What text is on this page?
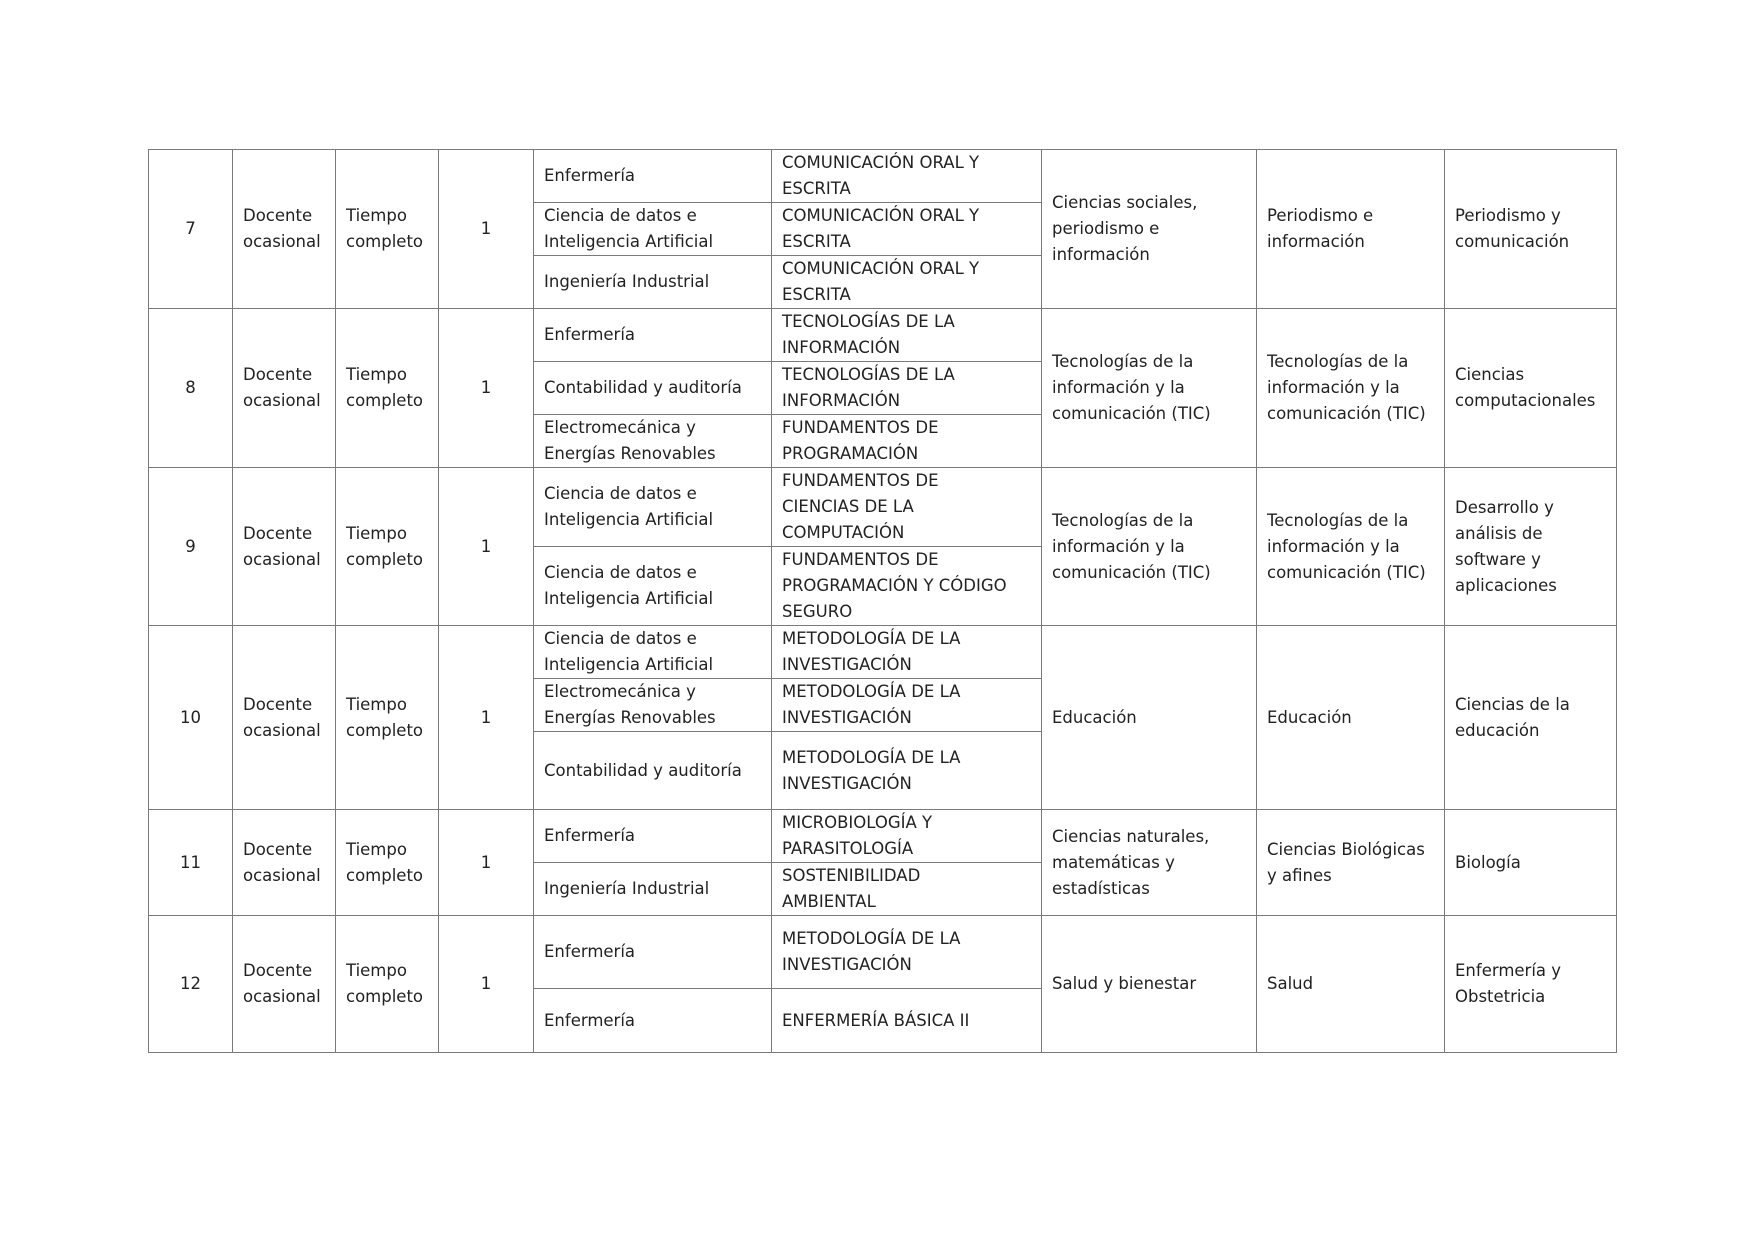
7	Docente
ocasional	Tiempo
completo	1	Enfermería	COMUNICACIÓN ORAL Y
ESCRITA	Ciencias sociales,
periodismo e
información	Periodismo e
información	Periodismo y
comunicación
				Ciencia de datos e
Inteligencia Artificial	COMUNICACIÓN ORAL Y
ESCRITA			
				Ingeniería Industrial	COMUNICACIÓN ORAL Y
ESCRITA			
8	Docente
ocasional	Tiempo
completo	1	Enfermería	TECNOLOGÍAS DE LA
INFORMACIÓN	Tecnologías de la
información y la
comunicación (TIC)	Tecnologías de la
información y la
comunicación (TIC)	Ciencias
computacionales
				Contabilidad y auditoría	TECNOLOGÍAS DE LA
INFORMACIÓN			
				Electromecánica y
Energías Renovables	FUNDAMENTOS DE
PROGRAMACIÓN			
9	Docente
ocasional	Tiempo
completo	1	Ciencia de datos e
Inteligencia Artificial	FUNDAMENTOS DE
CIENCIAS DE LA
COMPUTACIÓN	Tecnologías de la
información y la
comunicación (TIC)	Tecnologías de la
información y la
comunicación (TIC)	Desarrollo y
análisis de
software y
aplicaciones
				Ciencia de datos e
Inteligencia Artificial	FUNDAMENTOS DE
PROGRAMACIÓN Y CÓDIGO
SEGURO			
10	Docente
ocasional	Tiempo
completo	1	Ciencia de datos e
Inteligencia Artificial	METODOLOGÍA DE LA
INVESTIGACIÓN	Educación	Educación	Ciencias de la
educación
				Electromecánica y
Energías Renovables	METODOLOGÍA DE LA
INVESTIGACIÓN			
				Contabilidad y auditoría	METODOLOGÍA DE LA
INVESTIGACIÓN			
11	Docente
ocasional	Tiempo
completo	1	Enfermería	MICROBIOLOGÍA Y
PARASITOLOGÍA	Ciencias naturales,
matemáticas y
estadísticas	Ciencias Biológicas
y afines	Biología
				Ingeniería Industrial	SOSTENIBILIDAD
AMBIENTAL			
12	Docente
ocasional	Tiempo
completo	1	Enfermería	METODOLOGÍA DE LA
INVESTIGACIÓN	Salud y bienestar	Salud	Enfermería y
Obstetricia
				Enfermería	ENFERMERÍA BÁSICA II			
